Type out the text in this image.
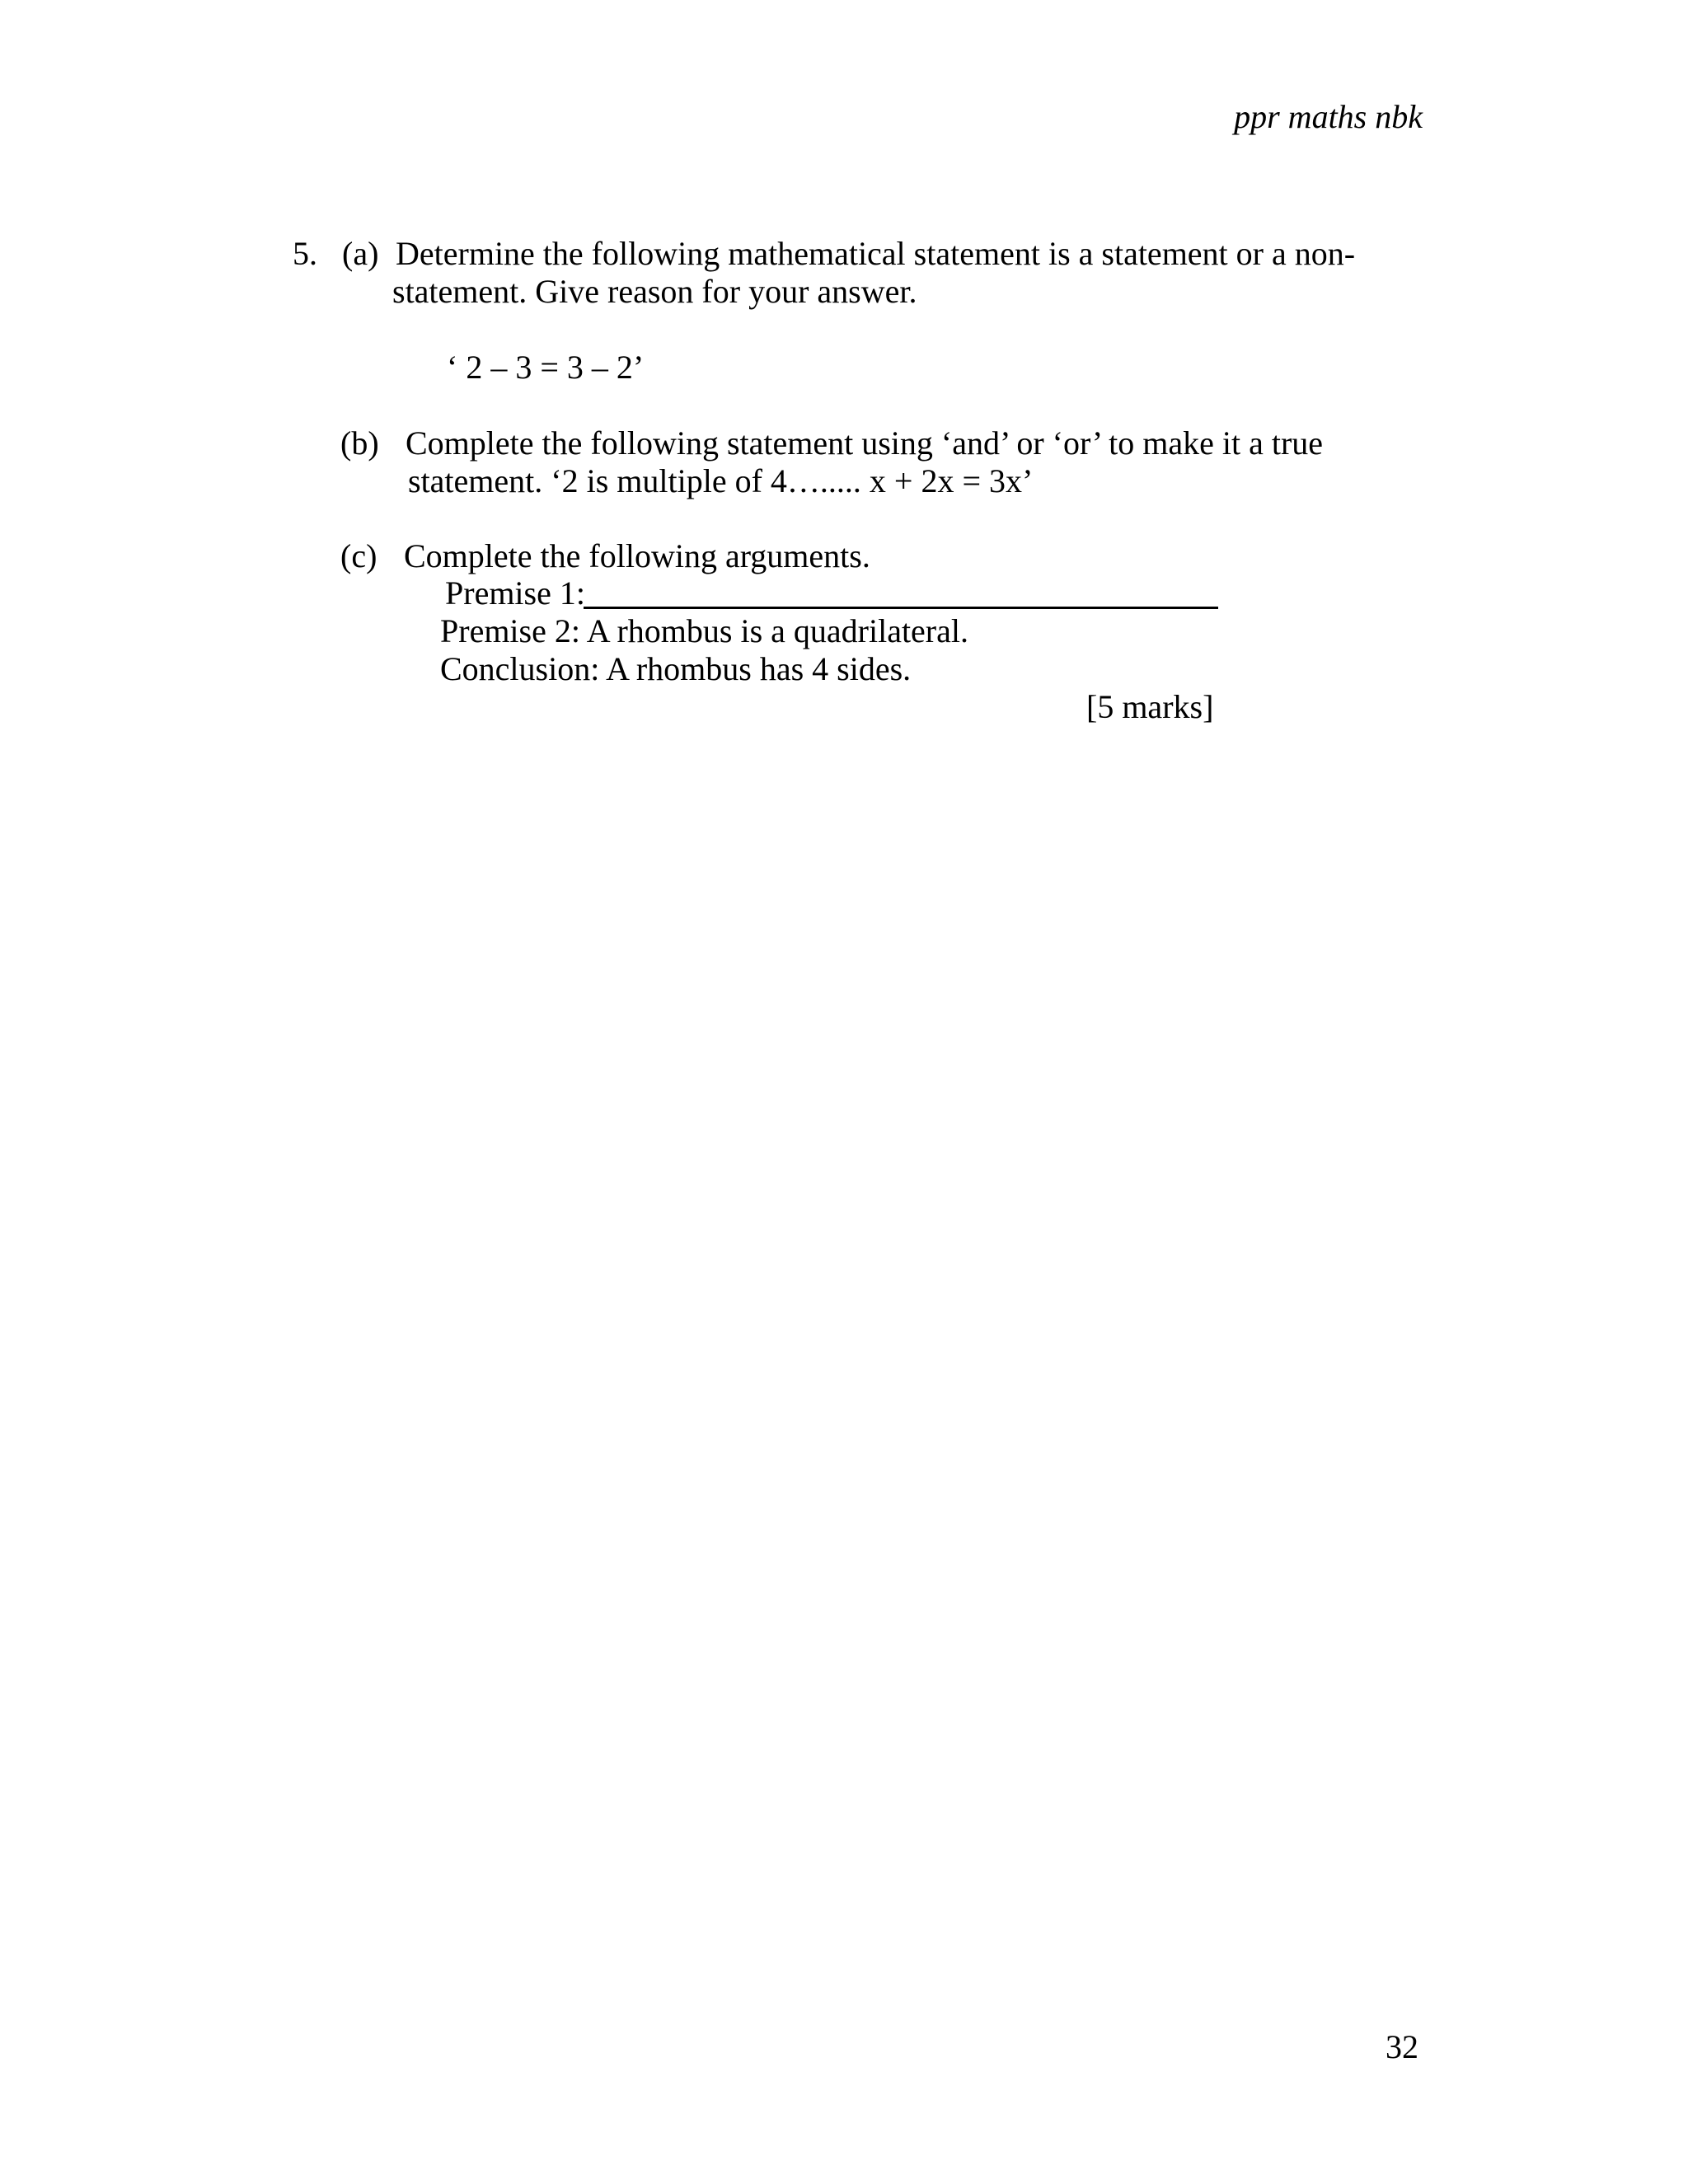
ppr maths nbk
5. (a) Determine the following mathematical statement is a statement or a non-
statement. Give reason for your answer.
‘ 2 – 3 = 3 – 2’
(b) Complete the following statement using ‘and’ or ‘or’ to make it a true
statement. ‘2 is multiple of 4…..... x + 2x = 3x’
(c) Complete the following arguments.
Premise 1:
Premise 2: A rhombus is a quadrilateral.
Conclusion: A rhombus has 4 sides.
[5 marks]
32
